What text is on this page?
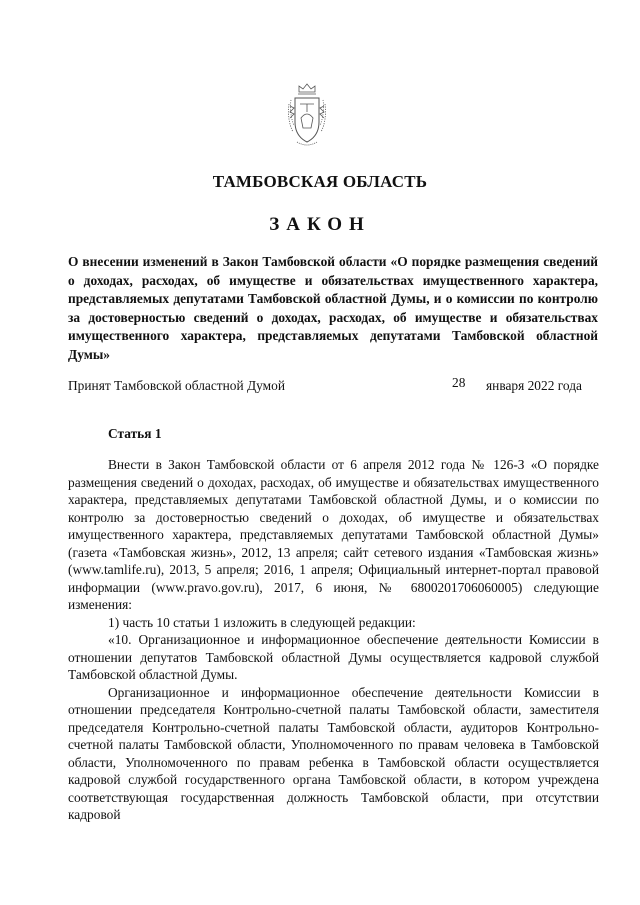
ТАМБОВСКАЯ ОБЛАСТЬ
ЗАКОН
О внесении изменений в Закон Тамбовской области «О порядке размещения сведений о доходах, расходах, об имуществе и обязательствах имущественного характера, представляемых депутатами Тамбовской областной Думы, и о комиссии по контролю за достоверностью сведений о доходах, расходах, об имуществе и обязательствах имущественного характера, представляемых депутатами Тамбовской областной Думы»
Принят Тамбовской областной Думой	28 января 2022 года
Статья 1

Внести в Закон Тамбовской области от 6 апреля 2012 года № 126-З «О порядке размещения сведений о доходах, расходах, об имуществе и обязательствах имущественного характера, представляемых депутатами Тамбовской областной Думы, и о комиссии по контролю за достоверностью сведений о доходах, об имуществе и обязательствах имущественного характера, представляемых депутатами Тамбовской областной Думы» (газета «Тамбовская жизнь», 2012, 13 апреля; сайт сетевого издания «Тамбовская жизнь» (www.tamlife.ru), 2013, 5 апреля; 2016, 1 апреля; Официальный интернет-портал правовой информации (www.pravo.gov.ru), 2017, 6 июня, № 6800201706060005) следующие изменения:

1) часть 10 статьи 1 изложить в следующей редакции:

«10. Организационное и информационное обеспечение деятельности Комиссии в отношении депутатов Тамбовской областной Думы осуществляется кадровой службой Тамбовской областной Думы.

Организационное и информационное обеспечение деятельности Комиссии в отношении председателя Контрольно-счетной палаты Тамбовской области, заместителя председателя Контрольно-счетной палаты Тамбовской области, аудиторов Контрольно-счетной палаты Тамбовской области, Уполномоченного по правам человека в Тамбовской области, Уполномоченного по правам ребенка в Тамбовской области осуществляется кадровой службой государственного органа Тамбовской области, в котором учреждена соответствующая государственная должность Тамбовской области, при отсутствии кадровой
